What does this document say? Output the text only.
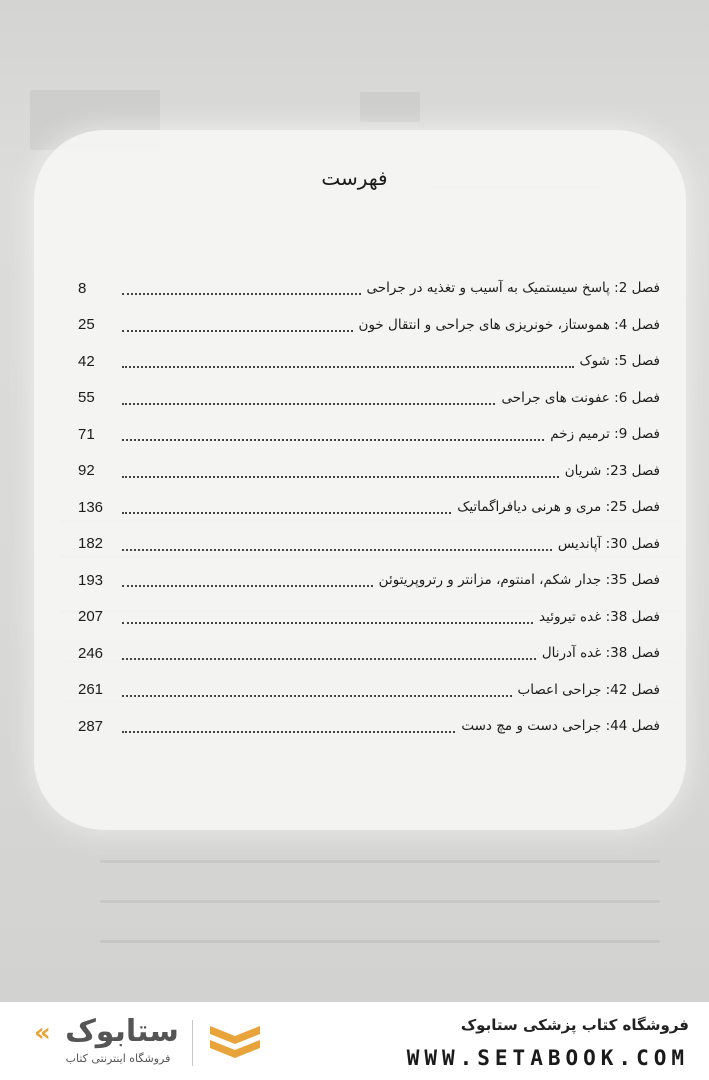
فهرست
فصل 2: پاسخ سیستمیک به آسیب و تغذیه در جراحی
8
فصل 4: هموستاز، خونریزی های جراحی و انتقال خون
25
فصل 5: شوک
42
فصل 6: عفونت های جراحی
55
فصل 9: ترمیم زخم
71
فصل 23: شریان
92
فصل 25: مری و هرنی دیافراگماتیک
136
فصل 30: آپاندیس
182
فصل 35: جدار شکم، امنتوم، مزانتر و رتروپریتوئن
193
فصل 38: غده تیروئید
207
فصل 38: غده آدرنال
246
فصل 42: جراحی اعصاب
261
فصل 44: جراحی دست و مچ دست
287
« ستابوک
فروشگاه اینترنتی کتاب
فروشگاه کتاب پزشکی ستابوک
WWW.SETABOOK.COM
